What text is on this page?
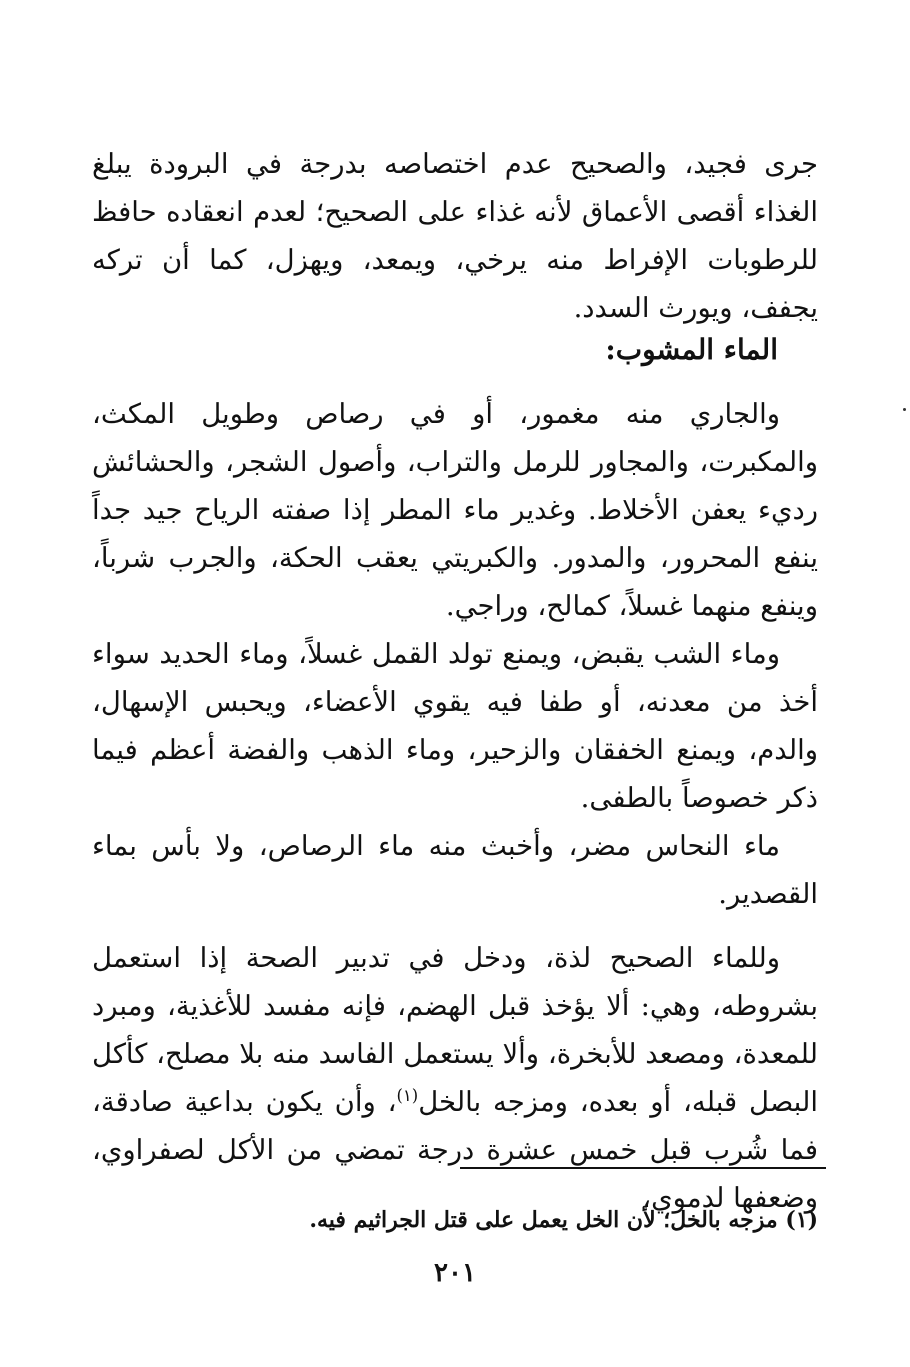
جرى فجيد، والصحيح عدم اختصاصه بدرجة في البرودة يبلغ الغذاء أقصى الأعماق لأنه غذاء على الصحيح؛ لعدم انعقاده حافظ للرطوبات الإفراط منه يرخي، ويمعد، ويهزل، كما أن تركه يجفف، ويورث السدد.

الماء المشوب:

والجاري منه مغمور، أو في رصاص وطويل المكث، والمكبرت، والمجاور للرمل والتراب، وأصول الشجر، والحشائش رديء يعفن الأخلاط. وغدير ماء المطر إذا صفته الرياح جيد جداً ينفع المحرور، والمدور. والكبريتي يعقب الحكة، والجرب شرباً، وينفع منهما غسلاً، كمالح، وراجي.

وماء الشب يقبض، ويمنع تولد القمل غسلاً، وماء الحديد سواء أخذ من معدنه، أو طفا فيه يقوي الأعضاء، ويحبس الإسهال، والدم، ويمنع الخفقان والزحير، وماء الذهب والفضة أعظم فيما ذكر خصوصاً بالطفى.

ماء النحاس مضر، وأخبث منه ماء الرصاص، ولا بأس بماء القصدير.

وللماء الصحيح لذة، ودخل في تدبير الصحة إذا استعمل بشروطه، وهي: ألا يؤخذ قبل الهضم، فإنه مفسد للأغذية، ومبرد للمعدة، ومصعد للأبخرة، وألا يستعمل الفاسد منه بلا مصلح، كأكل البصل قبله، أو بعده، ومزجه بالخل$^{(١)}$، وأن يكون بداعية صادقة، فما شُرب قبل خمس عشرة درجة تمضي من الأكل لصفراوي، وضعفها لدموي،

(١) مزجه بالخل؛ لأن الخل يعمل على قتل الجراثيم فيه.
٢٠١
